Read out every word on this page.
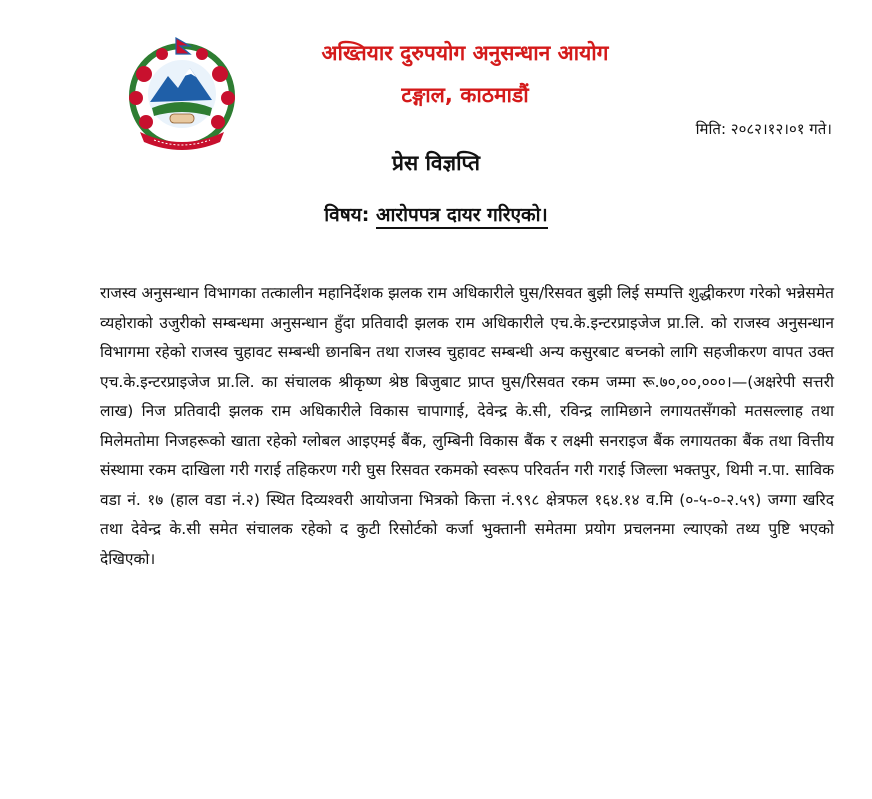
अख्तियार दुरुपयोग अनुसन्धान आयोग
टङ्गाल, काठमाडौं
मिति: २०८२।१२।०१ गते।
प्रेस विज्ञप्ति
विषय: आरोपपत्र दायर गरिएको।

राजस्व अनुसन्धान विभागका तत्कालीन महानिर्देशक झलक राम अधिकारीले घुस/रिसवत बुझी लिई सम्पत्ति शुद्धीकरण गरेको भन्नेसमेत व्यहोराको उजुरीको सम्बन्धमा अनुसन्धान हुँदा प्रतिवादी झलक राम अधिकारीले एच.के.इन्टरप्राइजेज प्रा.लि. को राजस्व अनुसन्धान विभागमा रहेको राजस्व चुहावट सम्बन्धी छानबिन तथा राजस्व चुहावट सम्बन्धी अन्य कसुरबाट बच्नको लागि सहजीकरण वापत उक्त एच.के.इन्टरप्राइजेज प्रा.लि. का संचालक श्रीकृष्ण श्रेष्ठ बिजुबाट प्राप्त घुस/रिसवत रकम जम्मा रू.७०,००,०००।—(अक्षरेपी सत्तरी लाख) निज प्रतिवादी झलक राम अधिकारीले विकास चापागाई, देवेन्द्र के.सी, रविन्द्र लामिछाने लगायतसँगको मतसल्लाह तथा मिलेमतोमा निजहरूको खाता रहेको ग्लोबल आइएमई बैंक, लुम्बिनी विकास बैंक र लक्ष्मी सनराइज बैंक लगायतका बैंक तथा वित्तीय संस्थामा रकम दाखिला गरी गराई तहिकरण गरी घुस रिसवत रकमको स्वरूप परिवर्तन गरी गराई जिल्ला भक्तपुर, थिमी न.पा. साविक वडा नं. १७ (हाल वडा नं.२) स्थित दिव्यश्वरी आयोजना भित्रको कित्ता नं.९९८ क्षेत्रफल १६४.१४ व.मि (०-५-०-२.५९) जग्गा खरिद तथा देवेन्द्र के.सी समेत संचालक रहेको द कुटी रिसोर्टको कर्जा भुक्तानी समेतमा प्रयोग प्रचलनमा ल्याएको तथ्य पुष्टि भएको देखिएको।
